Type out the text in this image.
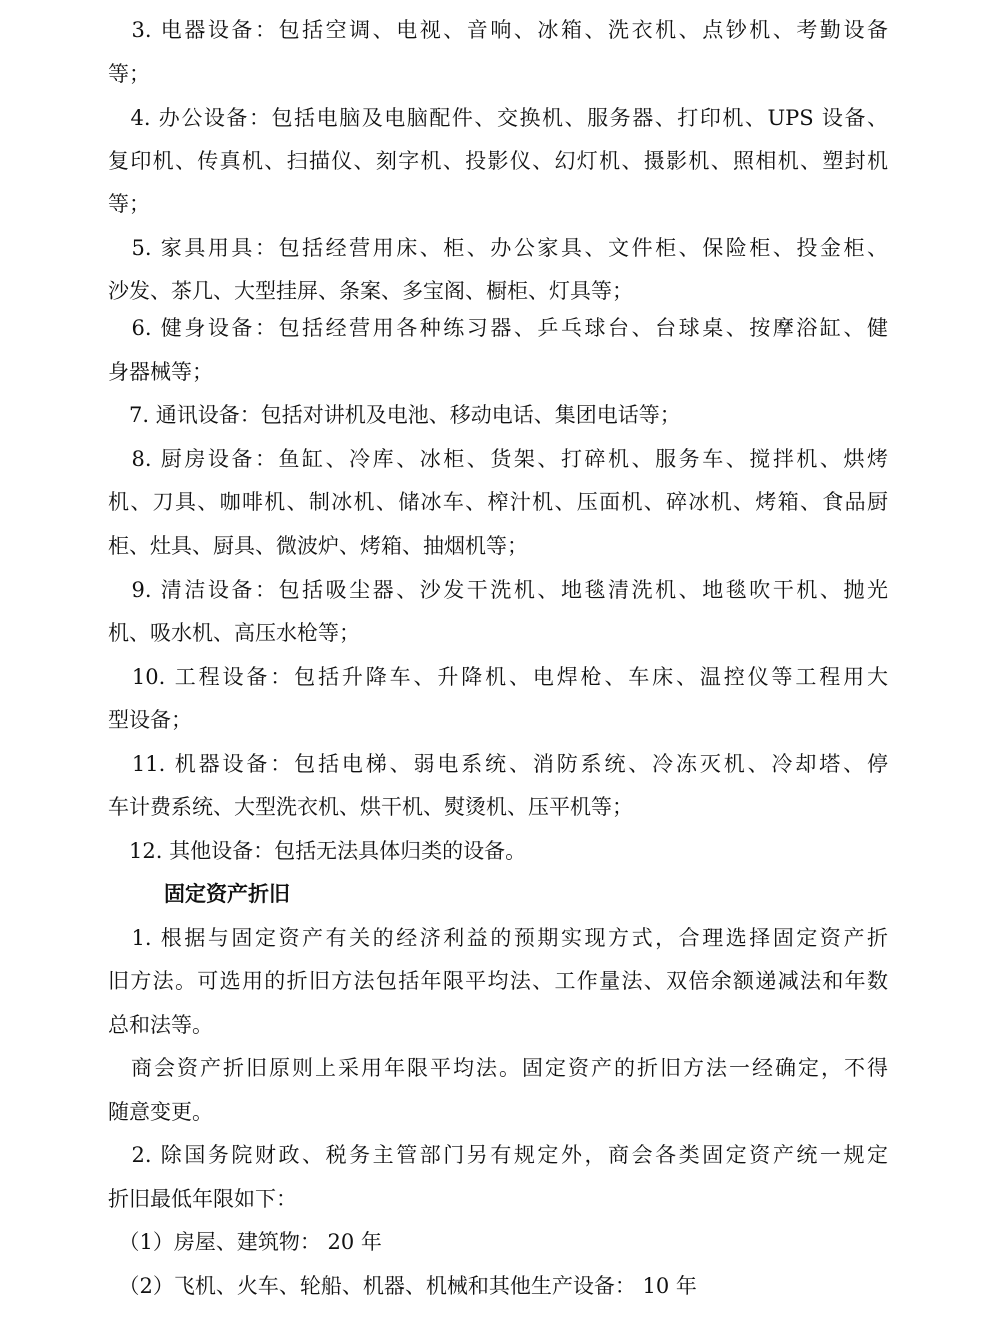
　3. 电器设备：包括空调、电视、音响、冰箱、洗衣机、点钞机、考勤设备
等；
　4. 办公设备：包括电脑及电脑配件、交换机、服务器、打印机、UPS 设备、
复印机、传真机、扫描仪、刻字机、投影仪、幻灯机、摄影机、照相机、塑封机
等；
　5. 家具用具：包括经营用床、柜、办公家具、文件柜、保险柜、投金柜、
沙发、茶几、大型挂屏、条案、多宝阁、橱柜、灯具等；
　6. 健身设备：包括经营用各种练习器、乒乓球台、台球桌、按摩浴缸、健
身器械等；
　7. 通讯设备：包括对讲机及电池、移动电话、集团电话等；
　8. 厨房设备：鱼缸、冷库、冰柜、货架、打碎机、服务车、搅拌机、烘烤
机、刀具、咖啡机、制冰机、储冰车、榨汁机、压面机、碎冰机、烤箱、食品厨
柜、灶具、厨具、微波炉、烤箱、抽烟机等；
　9. 清洁设备：包括吸尘器、沙发干洗机、地毯清洗机、地毯吹干机、抛光
机、吸水机、高压水枪等；
　10. 工程设备：包括升降车、升降机、电焊枪、车床、温控仪等工程用大
型设备；
　11. 机器设备：包括电梯、弱电系统、消防系统、冷冻灭机、冷却塔、停
车计费系统、大型洗衣机、烘干机、熨烫机、压平机等；
　12. 其他设备：包括无法具体归类的设备。
固定资产折旧
　1. 根据与固定资产有关的经济利益的预期实现方式，合理选择固定资产折
旧方法。可选用的折旧方法包括年限平均法、工作量法、双倍余额递减法和年数
总和法等。
　商会资产折旧原则上采用年限平均法。固定资产的折旧方法一经确定，不得
随意变更。
　2. 除国务院财政、税务主管部门另有规定外，商会各类固定资产统一规定
折旧最低年限如下：
　（1）房屋、建筑物： 20 年
　（2）飞机、火车、轮船、机器、机械和其他生产设备： 10 年
